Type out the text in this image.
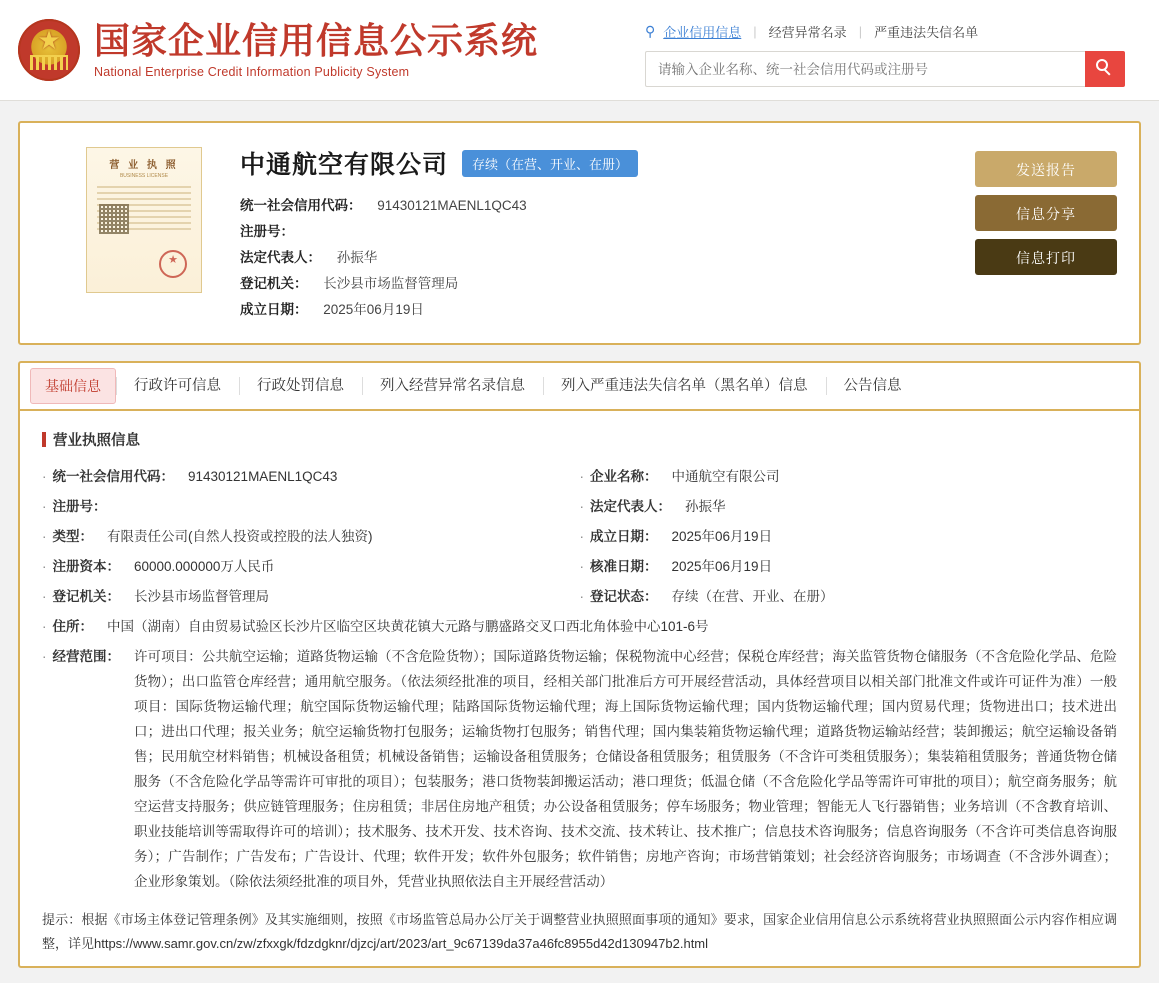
★
国家企业信用信息公示系统
National Enterprise Credit Information Publicity System
⚲ 企业信用信息 | 经营异常名录 | 严重违法失信名单
请输入企业名称、统一社会信用代码或注册号
营 业 执 照
BUSINESS LICENSE
★	中通航空有限公司	存续（在营、开业、在册）
统一社会信用代码： 91430121MAENL1QC43
注册号：
法定代表人： 孙振华
登记机关： 长沙县市场监督管理局
成立日期： 2025年06月19日
发送报告
信息分享
信息打印
基础信息	行政许可信息	行政处罚信息	列入经营异常名录信息	列入严重违法失信名单（黑名单）信息	公告信息
营业执照信息
· 统一社会信用代码： 91430121MAENL1QC43	· 企业名称： 中通航空有限公司
· 注册号：	· 法定代表人： 孙振华
· 类型： 有限责任公司(自然人投资或控股的法人独资)	· 成立日期： 2025年06月19日
· 注册资本： 60000.000000万人民币	· 核准日期： 2025年06月19日
· 登记机关： 长沙县市场监督管理局	· 登记状态： 存续（在营、开业、在册）
· 住所： 中国（湖南）自由贸易试验区长沙片区临空区块黄花镇大元路与鹏盛路交叉口西北角体验中心101-6号
· 经营范围： 许可项目：公共航空运输；道路货物运输（不含危险货物）；国际道路货物运输；保税物流中心经营；保税仓库经营；海关监管货物仓储服务（不含危险化学品、危险货物）；出口监管仓库经营；通用航空服务。（依法须经批准的项目，经相关部门批准后方可开展经营活动，具体经营项目以相关部门批准文件或许可证件为准）一般项目：国际货物运输代理；航空国际货物运输代理；陆路国际货物运输代理；海上国际货物运输代理；国内货物运输代理；国内贸易代理；货物进出口；技术进出口；进出口代理；报关业务；航空运输货物打包服务；运输货物打包服务；销售代理；国内集装箱货物运输代理；道路货物运输站经营；装卸搬运；航空运输设备销售；民用航空材料销售；机械设备租赁；机械设备销售；运输设备租赁服务；仓储设备租赁服务；租赁服务（不含许可类租赁服务）；集装箱租赁服务；普通货物仓储服务（不含危险化学品等需许可审批的项目）；包装服务；港口货物装卸搬运活动；港口理货；低温仓储（不含危险化学品等需许可审批的项目）；航空商务服务；航空运营支持服务；供应链管理服务；住房租赁；非居住房地产租赁；办公设备租赁服务；停车场服务；物业管理；智能无人飞行器销售；业务培训（不含教育培训、职业技能培训等需取得许可的培训）；技术服务、技术开发、技术咨询、技术交流、技术转让、技术推广；信息技术咨询服务；信息咨询服务（不含许可类信息咨询服务）；广告制作；广告发布；广告设计、代理；软件开发；软件外包服务；软件销售；房地产咨询；市场营销策划；社会经济咨询服务；市场调查（不含涉外调查）；企业形象策划。（除依法须经批准的项目外，凭营业执照依法自主开展经营活动）
提示：根据《市场主体登记管理条例》及其实施细则，按照《市场监管总局办公厅关于调整营业执照照面事项的通知》要求，国家企业信用信息公示系统将营业执照照面公示内容作相应调整，详见https://www.samr.gov.cn/zw/zfxxgk/fdzdgknr/djzcj/art/2023/art_9c67139da37a46fc8955d42d130947b2.html
